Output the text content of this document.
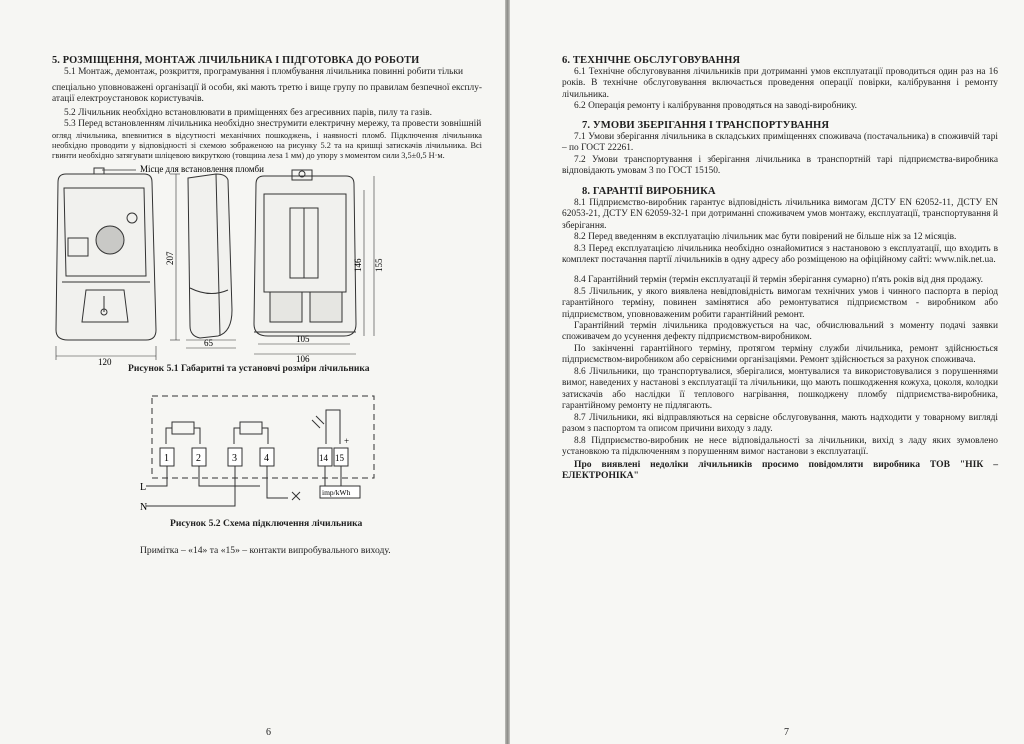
5. РОЗМІЩЕННЯ, МОНТАЖ ЛІЧИЛЬНИКА І ПІДГОТОВКА ДО РОБОТИ
5.1 Монтаж, демонтаж, розкриття, програмування і пломбування лічильника повинні робити тільки
спеціально уповноважені організації й особи, які мають третю і вище групу по правилам безпечної експлу-атації електроустановок користувачів.
5.2 Лічильник необхідно встановлювати в приміщеннях без агресивних парів, пилу та газів.
5.3 Перед встановленням лічильника необхідно знеструмити електричну мережу, та провести зовнішній
огляд лічильника, впевнитися в відсутності механічних пошкоджень, і наявності пломб. Підключення лічильника необхідно проводити у відповідності зі схемою зображеною на рисунку 5.2 та на кришці затискачів лічильника. Всі гвинти необхідно затягувати шліцевою викруткою (товщина леза 1 мм) до упору з моментом сили 3,5±0,5 Н·м.
Місце для встановлення пломби
120
207
65	105
106
146 155
Рисунок 5.1 Габаритні та установчі розміри лічильника
1	2	3	4	14 15
L
N
imp/kWh
+
Рисунок 5.2 Схема підключення лічильника
Примітка – «14» та «15» – контакти випробувального виходу.
6
6. ТЕХНІЧНЕ ОБСЛУГОВУВАННЯ
6.1 Технічне обслуговування лічильників при дотриманні умов експлуатації проводиться один раз на 16 років. В технічне обслуговування включається проведення операції повірки, калібрування і ремонту лічильника.
6.2 Операція ремонту і калібрування проводяться на заводі-виробнику.
7. УМОВИ ЗБЕРІГАННЯ І ТРАНСПОРТУВАННЯ
7.1 Умови зберігання лічильника в складських приміщеннях споживача (постачальника) в споживчій тарі – по ГОСТ 22261.
7.2 Умови транспортування і зберігання лічильника в транспортній тарі підприємства-виробника відповідають умовам 3 по ГОСТ 15150.
8. ГАРАНТІЇ ВИРОБНИКА
8.1 Підприємство-виробник гарантує відповідність лічильника вимогам ДСТУ EN 62052-11, ДСТУ EN 62053-21, ДСТУ EN 62059-32-1 при дотриманні споживачем умов монтажу, експлуатації, транспортування й зберігання.
8.2 Перед введенням в експлуатацію лічильник має бути повірений не більше ніж за 12 місяців.
8.3 Перед експлуатацією лічильника необхідно ознайомитися з настановою з експлуатації, що входить в комплект постачання партії лічильників в одну адресу або розміщеною на офіційному сайті: www.nik.net.ua.
8.4 Гарантійний термін (термін експлуатації й термін зберігання сумарно) п'ять років від дня продажу.
8.5 Лічильник, у якого виявлена невідповідність вимогам технічних умов і чинного паспорта в період гарантійного терміну, повинен замінятися або ремонтуватися підприємством - виробником або підприємством, уповноваженим робити гарантійний ремонт.
Гарантійний термін лічильника продовжується на час, обчислювальний з моменту подачі заявки споживачем до усунення дефекту підприємством-виробником.
По закінченні гарантійного терміну, протягом терміну служби лічильника, ремонт здійснюється підприємством-виробником або сервісними організаціями. Ремонт здійснюється за рахунок споживача.
8.6 Лічильники, що транспортувалися, зберігалися, монтувалися та використовувалися з порушеннями вимог, наведених у настанові з експлуатації та лічильники, що мають пошкодження кожуха, цоколя, колодки затискачів або наслідки її теплового нагрівання, пошкоджену пломбу підприємства-виробника, гарантійному ремонту не підлягають.
8.7 Лічильники, які відправляються на сервісне обслуговування, мають надходити у товарному вигляді разом з паспортом та описом причини виходу з ладу.
8.8 Підприємство-виробник не несе відповідальності за лічильники, вихід з ладу яких зумовлено установкою та підключенням з порушенням вимог настанови з експлуатації.
Про виявлені недоліки лічильників просимо повідомляти виробника ТОВ "НІК – ЕЛЕКТРОНІКА"
7
